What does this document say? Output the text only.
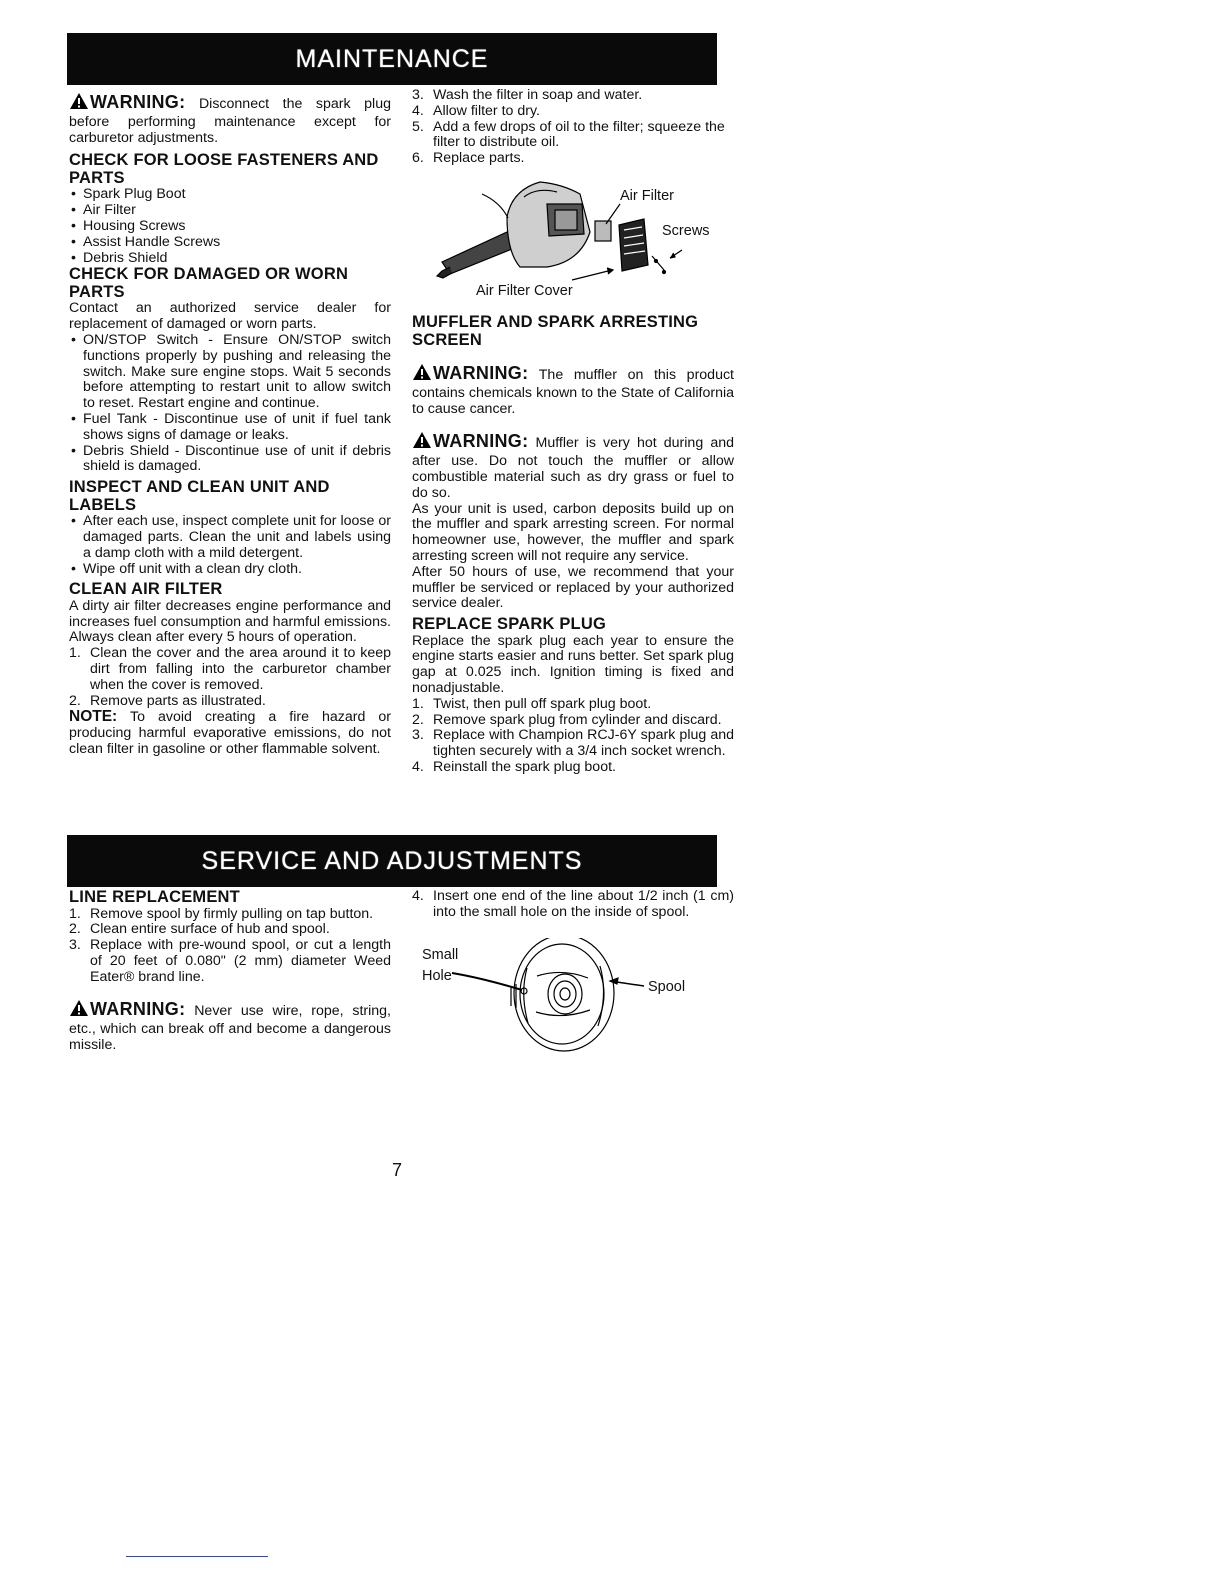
MAINTENANCE

WARNING: Disconnect the spark plug before performing maintenance except for carburetor adjustments.

CHECK FOR LOOSE FASTENERS AND PARTS

• Spark Plug Boot
• Air Filter
• Housing Screws
• Assist Handle Screws
• Debris Shield

CHECK FOR DAMAGED OR WORN PARTS

Contact an authorized service dealer for replacement of damaged or worn parts.

• ON/STOP Switch - Ensure ON/STOP switch functions properly by pushing and releasing the switch. Make sure engine stops. Wait 5 seconds before attempting to restart unit to allow switch to reset. Restart engine and continue.
• Fuel Tank - Discontinue use of unit if fuel tank shows signs of damage or leaks.
• Debris Shield - Discontinue use of unit if debris shield is damaged.

INSPECT AND CLEAN UNIT AND LABELS

• After each use, inspect complete unit for loose or damaged parts. Clean the unit and labels using a damp cloth with a mild detergent.
• Wipe off unit with a clean dry cloth.

CLEAN AIR FILTER

A dirty air filter decreases engine performance and increases fuel consumption and harmful emissions. Always clean after every 5 hours of operation.

1. Clean the cover and the area around it to keep dirt from falling into the carburetor chamber when the cover is removed.
2. Remove parts as illustrated.

NOTE: To avoid creating a fire hazard or producing harmful evaporative emissions, do not clean filter in gasoline or other flammable solvent.

3. Wash the filter in soap and water.
4. Allow filter to dry.
5. Add a few drops of oil to the filter; squeeze the filter to distribute oil.
6. Replace parts.
Air Filter
Screws
Air Filter Cover

MUFFLER AND SPARK ARRESTING SCREEN

WARNING: The muffler on this product contains chemicals known to the State of California to cause cancer.

WARNING: Muffler is very hot during and after use. Do not touch the muffler or allow combustible material such as dry grass or fuel to do so.

As your unit is used, carbon deposits build up on the muffler and spark arresting screen. For normal homeowner use, however, the muffler and spark arresting screen will not require any service.

After 50 hours of use, we recommend that your muffler be serviced or replaced by your authorized service dealer.

REPLACE SPARK PLUG

Replace the spark plug each year to ensure the engine starts easier and runs better. Set spark plug gap at 0.025 inch. Ignition timing is fixed and nonadjustable.

1. Twist, then pull off spark plug boot.
2. Remove spark plug from cylinder and discard.
3. Replace with Champion RCJ-6Y spark plug and tighten securely with a 3/4 inch socket wrench.
4. Reinstall the spark plug boot.
SERVICE AND ADJUSTMENTS

LINE REPLACEMENT

1. Remove spool by firmly pulling on tap button.
2. Clean entire surface of hub and spool.
3. Replace with pre-wound spool, or cut a length of 20 feet of 0.080" (2 mm) diameter Weed Eater® brand line.

WARNING: Never use wire, rope, string, etc., which can break off and become a dangerous missile.

4. Insert one end of the line about 1/2 inch (1 cm) into the small hole on the inside of spool.
Small
Hole
Spool
7
